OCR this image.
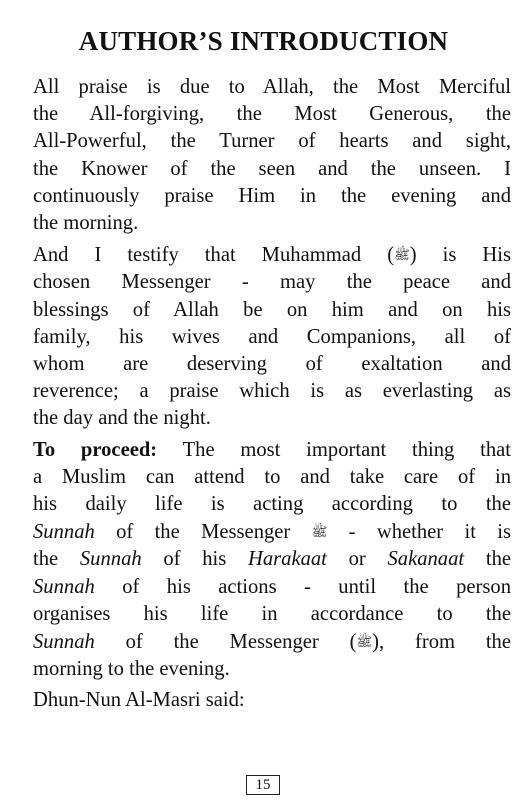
AUTHOR’S INTRODUCTION
All praise is due to Allah, the Most Merciful
the All-forgiving, the Most Generous, the
All-Powerful, the Turner of hearts and sight,
the Knower of the seen and the unseen. I
continuously praise Him in the evening and
the morning.
And I testify that Muhammad (ﷺ) is His
chosen Messenger - may the peace and
blessings of Allah be on him and on his
family, his wives and Companions, all of
whom are deserving of exaltation and
reverence; a praise which is as everlasting as
the day and the night.
To proceed: The most important thing that
a Muslim can attend to and take care of in
his daily life is acting according to the
Sunnah of the Messenger ﷺ - whether it is
the Sunnah of his Harakaat or Sakanaat the
Sunnah of his actions - until the person
organises his life in accordance to the
Sunnah of the Messenger (ﷺ), from the
morning to the evening.
Dhun-Nun Al-Masri said:
15
